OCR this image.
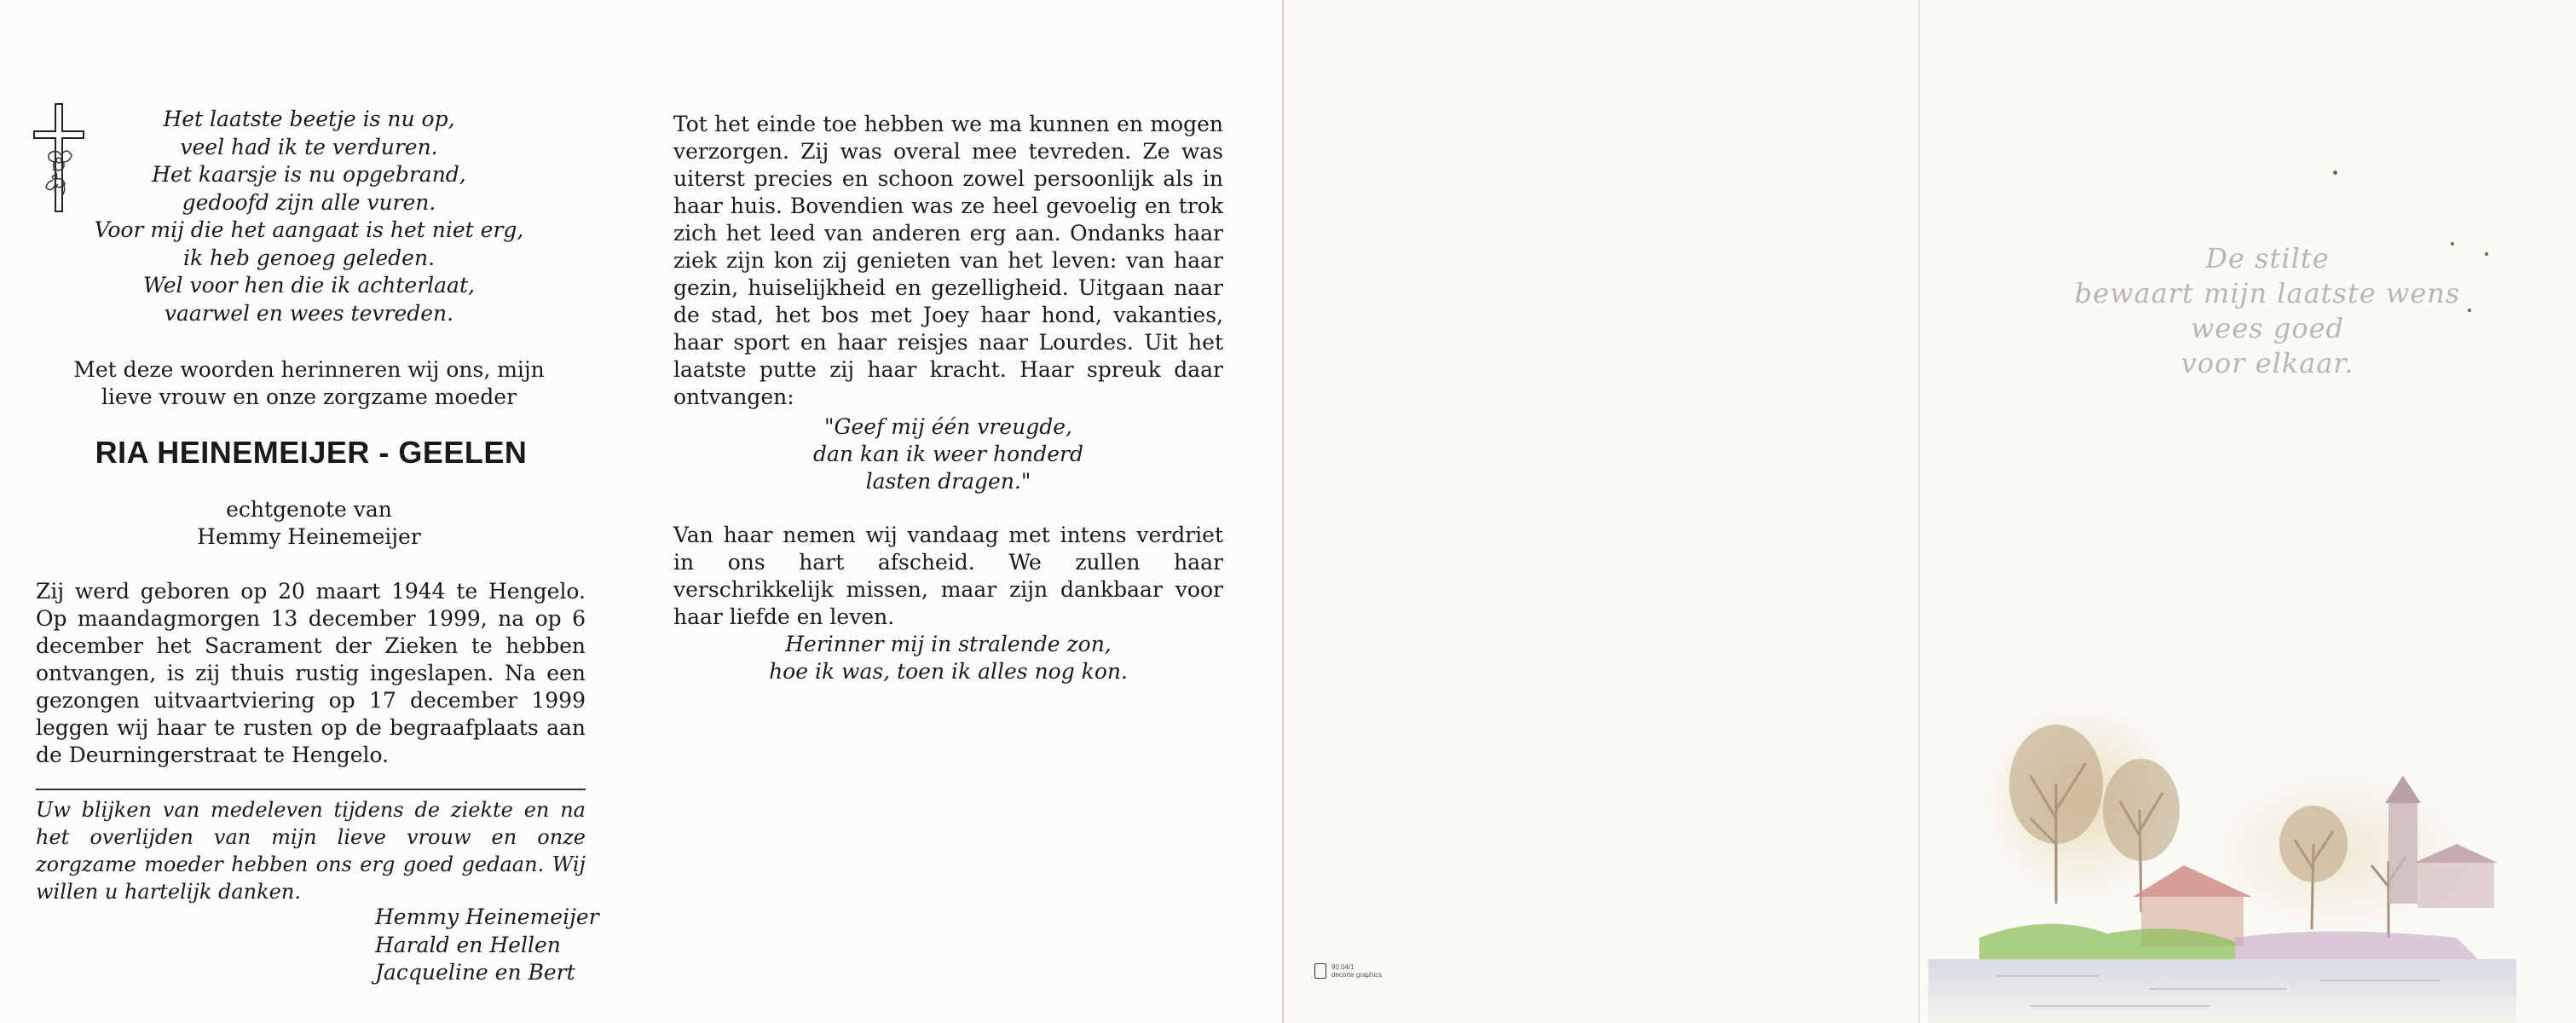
Het laatste beetje is nu op,
veel had ik te verduren.
Het kaarsje is nu opgebrand,
gedoofd zijn alle vuren.
Voor mij die het aangaat is het niet erg,
ik heb genoeg geleden.
Wel voor hen die ik achterlaat,
vaarwel en wees tevreden.
Met deze woorden herinneren wij ons, mijn lieve vrouw en onze zorgzame moeder
RIA HEINEMEIJER - GEELEN
echtgenote van
Hemmy Heinemeijer
Zij werd geboren op 20 maart 1944 te Hengelo. Op maandagmorgen 13 december 1999, na op 6 december het Sacrament der Zieken te hebben ontvangen, is zij thuis rustig ingeslapen. Na een gezongen uitvaartviering op 17 december 1999 leggen wij haar te rusten op de begraafplaats aan de Deurningerstraat te Hengelo.
Uw blijken van medeleven tijdens de ziekte en na het overlijden van mijn lieve vrouw en onze zorgzame moeder hebben ons erg goed gedaan. Wij willen u hartelijk danken.
Hemmy Heinemeijer
Harald en Hellen
Jacqueline en Bert
Tot het einde toe hebben we ma kunnen en mogen verzorgen. Zij was overal mee tevreden. Ze was uiterst precies en schoon zowel persoonlijk als in haar huis. Bovendien was ze heel gevoelig en trok zich het leed van anderen erg aan. Ondanks haar ziek zijn kon zij genieten van het leven: van haar gezin, huiselijkheid en gezelligheid. Uitgaan naar de stad, het bos met Joey haar hond, vakanties, haar sport en haar reisjes naar Lourdes. Uit het laatste putte zij haar kracht. Haar spreuk daar ontvangen:
"Geef mij één vreugde,
dan kan ik weer honderd
lasten dragen."
Van haar nemen wij vandaag met intens verdriet in ons hart afscheid. We zullen haar verschrikkelijk missen, maar zijn dankbaar voor haar liefde en leven.
Herinner mij in stralende zon,
hoe ik was, toen ik alles nog kon.
90.04/1
decorte graphics
De stilte
bewaart mijn laatste wens
wees goed
voor elkaar.
